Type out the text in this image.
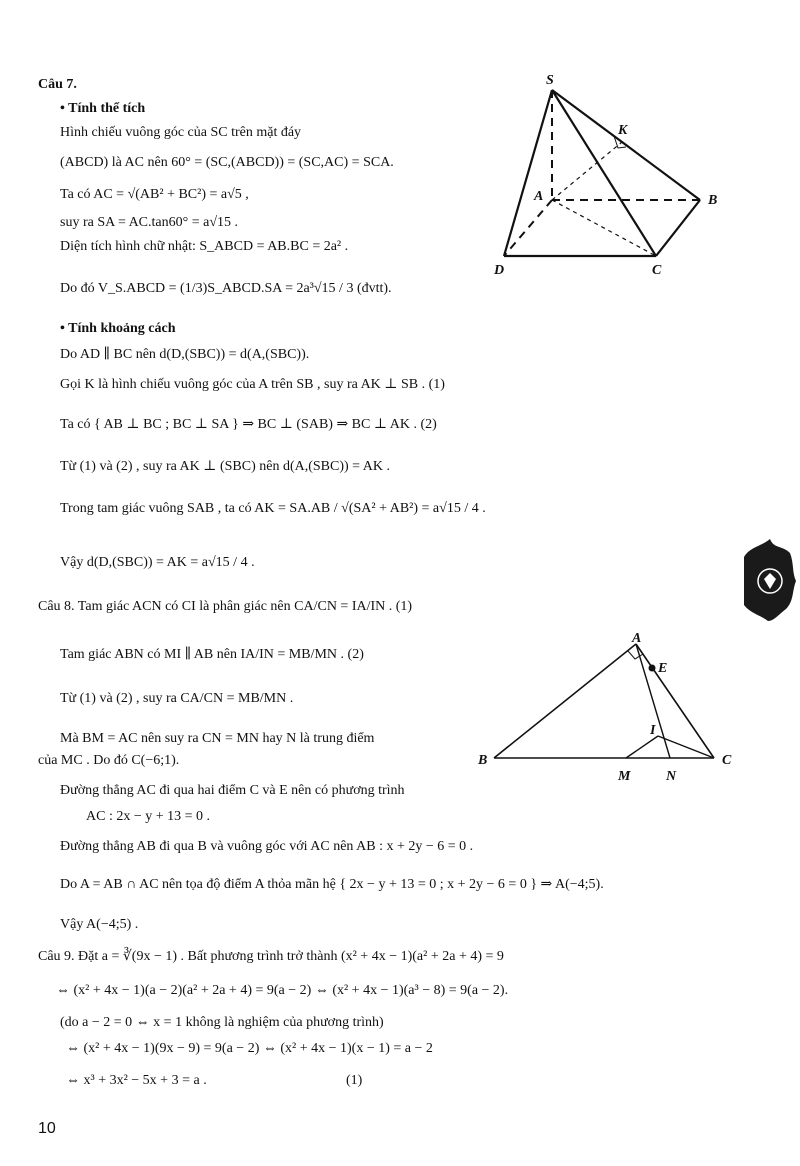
Câu 7.
• Tính thể tích
Hình chiếu vuông góc của SC trên mặt đáy
(ABCD) là AC nên 60° = (SC,(ABCD)) = (SC,AC) = SCA.
Ta có AC = √(AB² + BC²) = a√5 ,
suy ra SA = AC.tan60° = a√15 .
Diện tích hình chữ nhật: S_ABCD = AB.BC = 2a² .
Do đó V_S.ABCD = (1/3)S_ABCD.SA = 2a³√15 / 3 (đvtt).
• Tính khoảng cách
Do AD ∥ BC nên d(D,(SBC)) = d(A,(SBC)).
Gọi K là hình chiếu vuông góc của A trên SB , suy ra AK ⊥ SB . (1)
Ta có { AB ⊥ BC ; BC ⊥ SA } ⇒ BC ⊥ (SAB) ⇒ BC ⊥ AK . (2)
Từ (1) và (2) , suy ra AK ⊥ (SBC) nên d(A,(SBC)) = AK .
Trong tam giác vuông SAB , ta có AK = SA.AB / √(SA² + AB²) = a√15 / 4 .
Vậy d(D,(SBC)) = AK = a√15 / 4 .
S
K
A	B
C
D
Câu 8. Tam giác ACN có CI là phân giác nên CA/CN = IA/IN . (1)
Tam giác ABN có MI ∥ AB nên IA/IN = MB/MN . (2)
Từ (1) và (2) , suy ra CA/CN = MB/MN .
Mà BM = AC nên suy ra CN = MN hay N là trung điểm
của MC . Do đó C(−6;1).
Đường thẳng AC đi qua hai điểm C và E nên có phương trình
AC : 2x − y + 13 = 0 .
Đường thẳng AB đi qua B và vuông góc với AC nên AB : x + 2y − 6 = 0 .
Do A = AB ∩ AC nên tọa độ điểm A thỏa mãn hệ { 2x − y + 13 = 0 ; x + 2y − 6 = 0 } ⇒ A(−4;5).
Vậy A(−4;5) .
A
E
I
B	C
M	N
Câu 9. Đặt a = ∛(9x − 1) . Bất phương trình trở thành (x² + 4x − 1)(a² + 2a + 4) = 9
⇔ (x² + 4x − 1)(a − 2)(a² + 2a + 4) = 9(a − 2) ⇔ (x² + 4x − 1)(a³ − 8) = 9(a − 2).
(do a − 2 = 0 ⇔ x = 1 không là nghiệm của phương trình)
⇔ (x² + 4x − 1)(9x − 9) = 9(a − 2) ⇔ (x² + 4x − 1)(x − 1) = a − 2
⇔ x³ + 3x² − 5x + 3 = a .	(1)
10
